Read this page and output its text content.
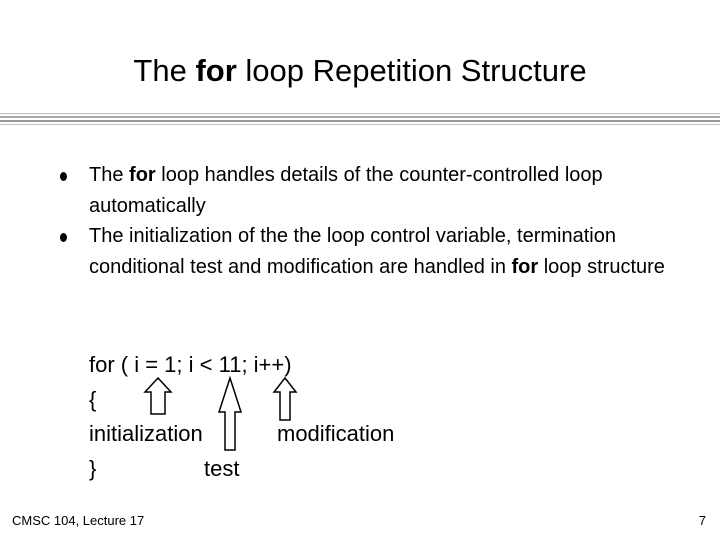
The for loop Repetition Structure
The for loop handles details of the counter-controlled loop automatically
The initialization of the the loop control variable, termination conditional test and modification are handled in for loop structure
for ( i = 1; i < 11; i++)
{
initialization
}
modification
test
CMSC 104, Lecture 17	7
